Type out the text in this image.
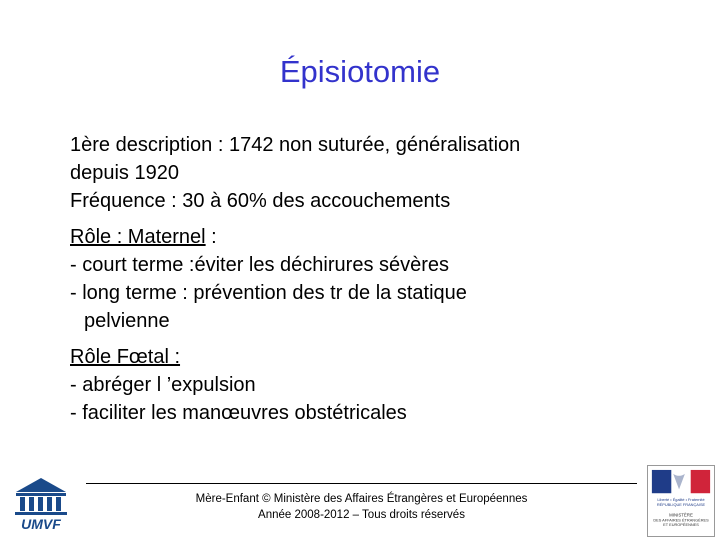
Épisiotomie
1ère description : 1742 non suturée, généralisation
depuis 1920
Fréquence : 30 à 60% des accouchements
Rôle : Maternel :
- court terme :éviter les déchirures sévères
- long terme : prévention des tr de la statique
pelvienne
Rôle Fœtal :
- abréger l ’expulsion
- faciliter les manœuvres obstétricales
Mère-Enfant © Ministère des Affaires Étrangères et Européennes
Année 2008-2012 – Tous droits réservés
UMVF
Liberté • Égalité • Fraternité
RÉPUBLIQUE FRANÇAISE
MINISTÈRE
DES AFFAIRES ÉTRANGÈRES
ET EUROPÉENNES
